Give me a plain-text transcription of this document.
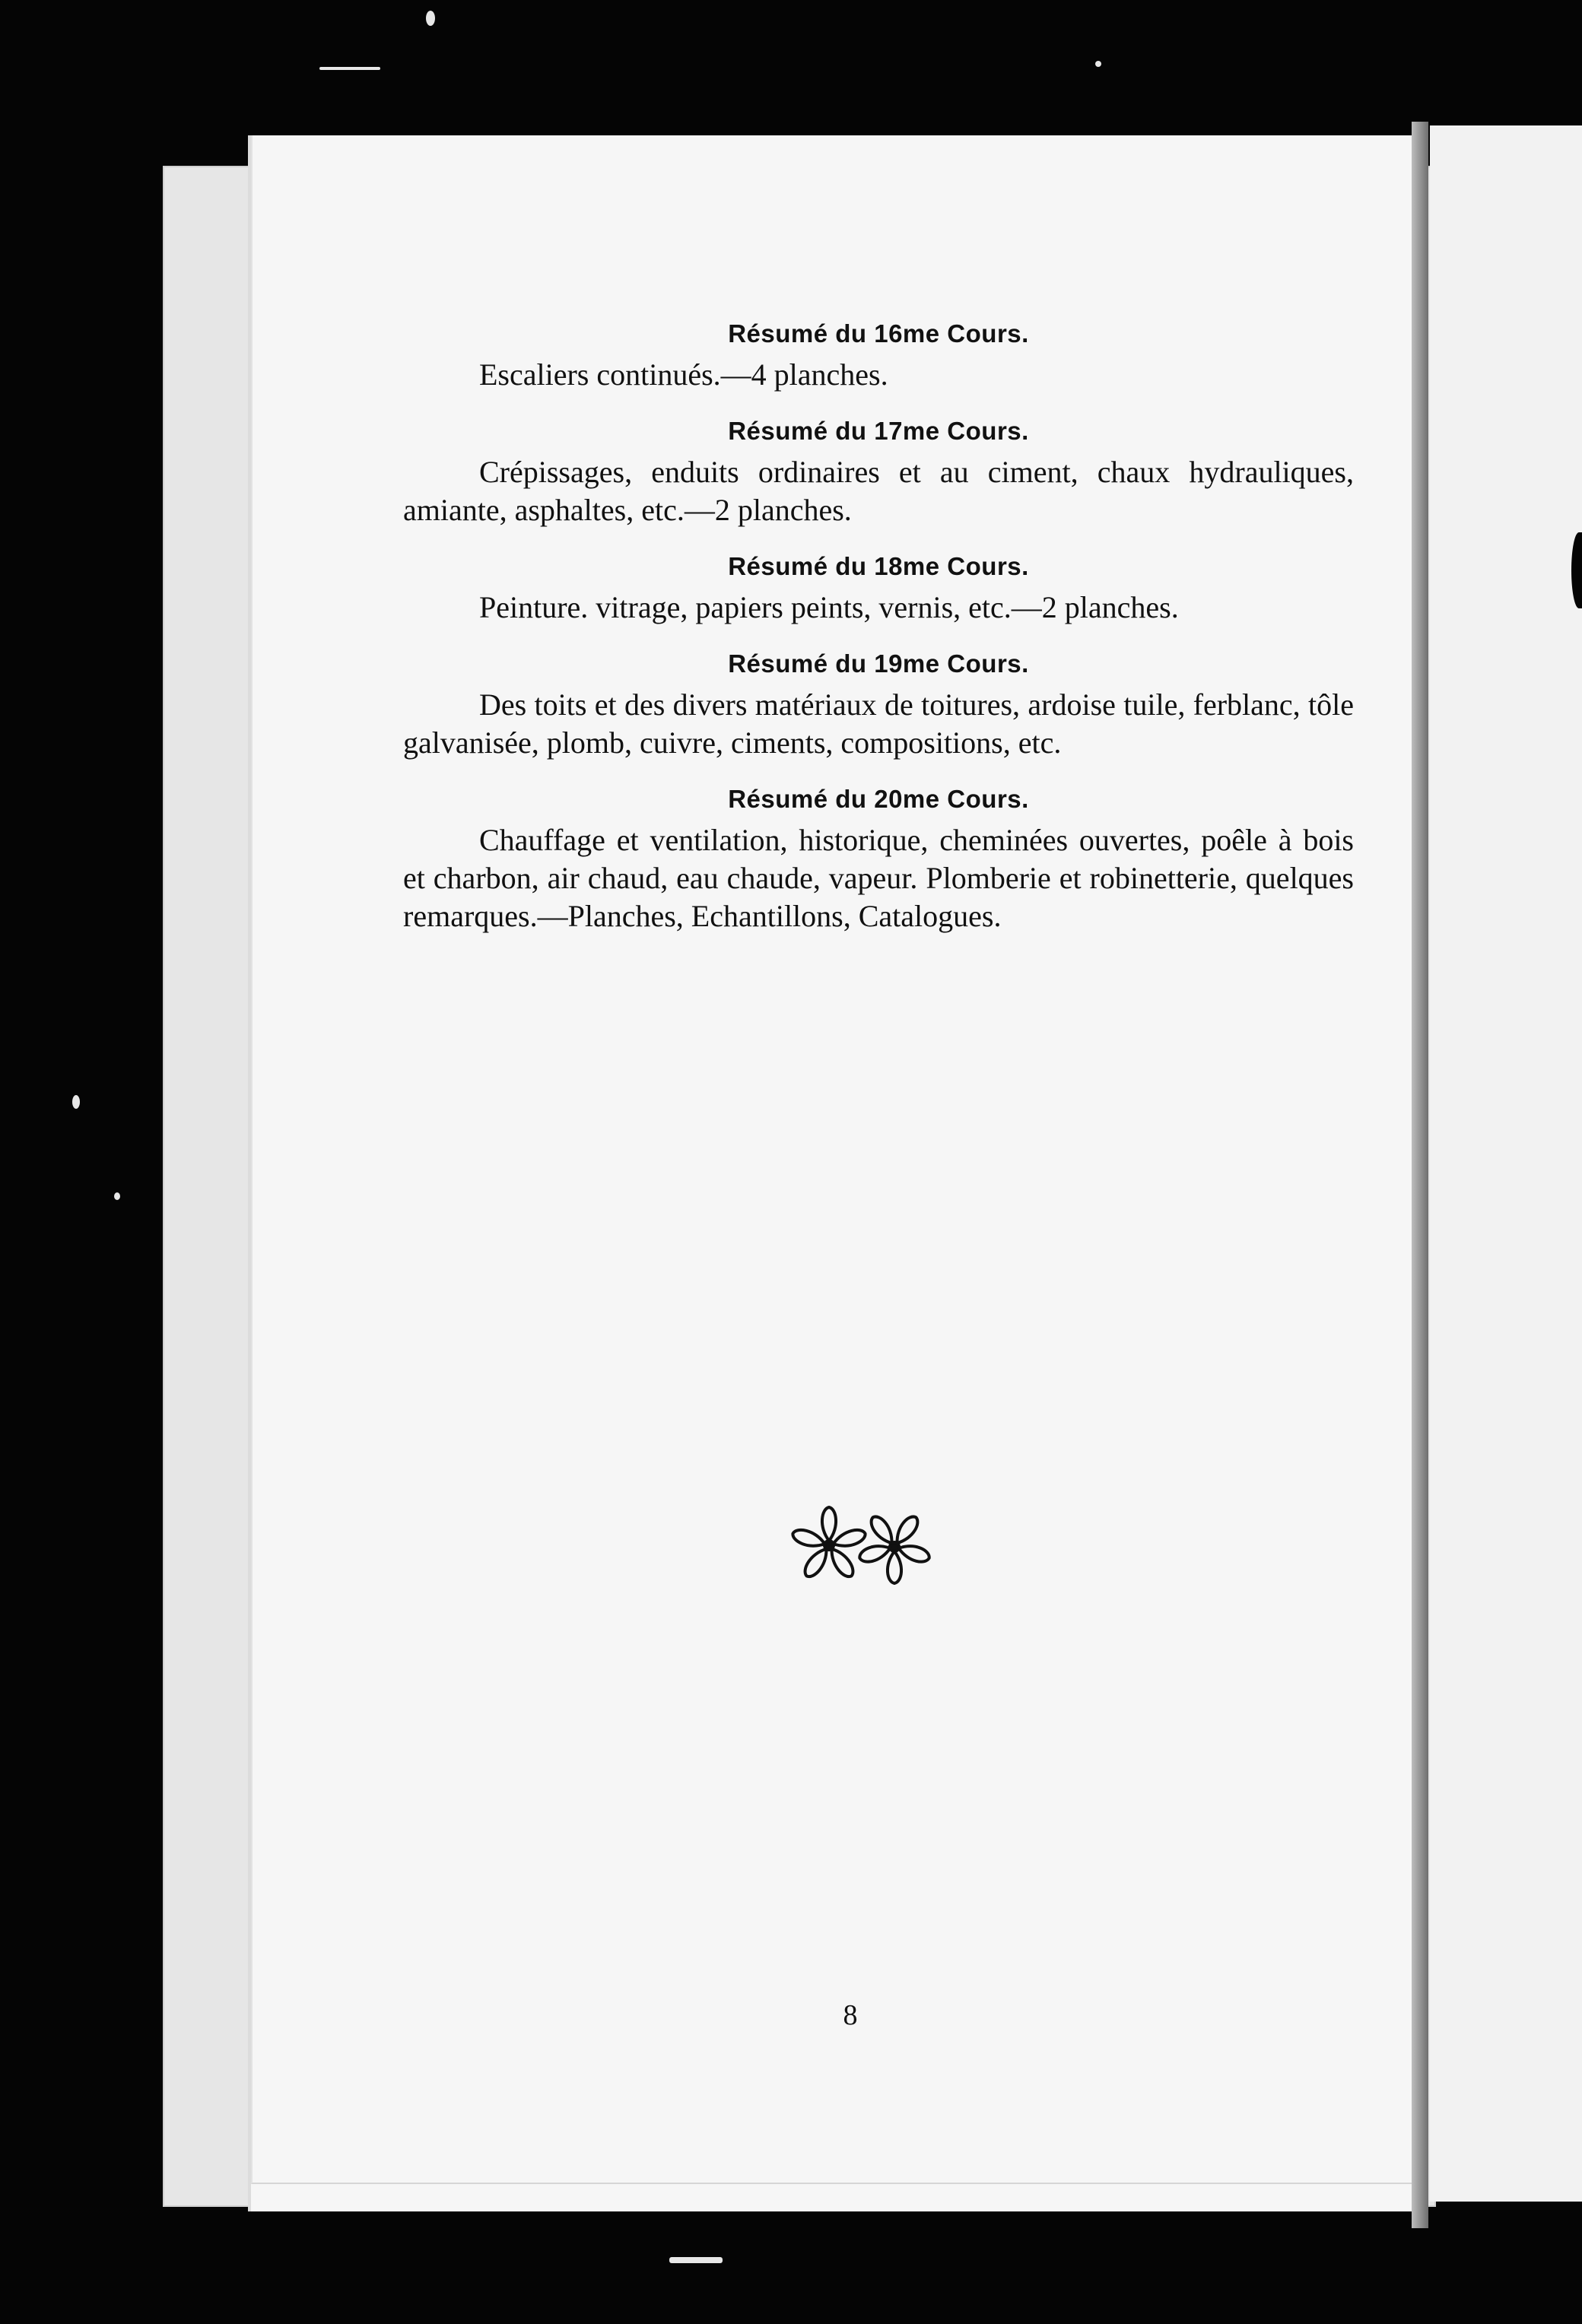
Résumé du 16me Cours.

Escaliers continués.—4 planches.

Résumé du 17me Cours.

Crépissages, enduits ordinaires et au ciment, chaux hydrauliques, amiante, asphaltes, etc.—2 planches.

Résumé du 18me Cours.

Peinture. vitrage, papiers peints, vernis, etc.—2 planches.

Résumé du 19me Cours.

Des toits et des divers matériaux de toitures, ardoise tuile, ferblanc, tôle galvanisée, plomb, cuivre, ciments, compositions, etc.

Résumé du 20me Cours.

Chauffage et ventilation, historique, cheminées ouvertes, poêle à bois et charbon, air chaud, eau chaude, vapeur. Plomberie et robinetterie, quelques remarques.—Planches, Echantillons, Catalogues.

8
